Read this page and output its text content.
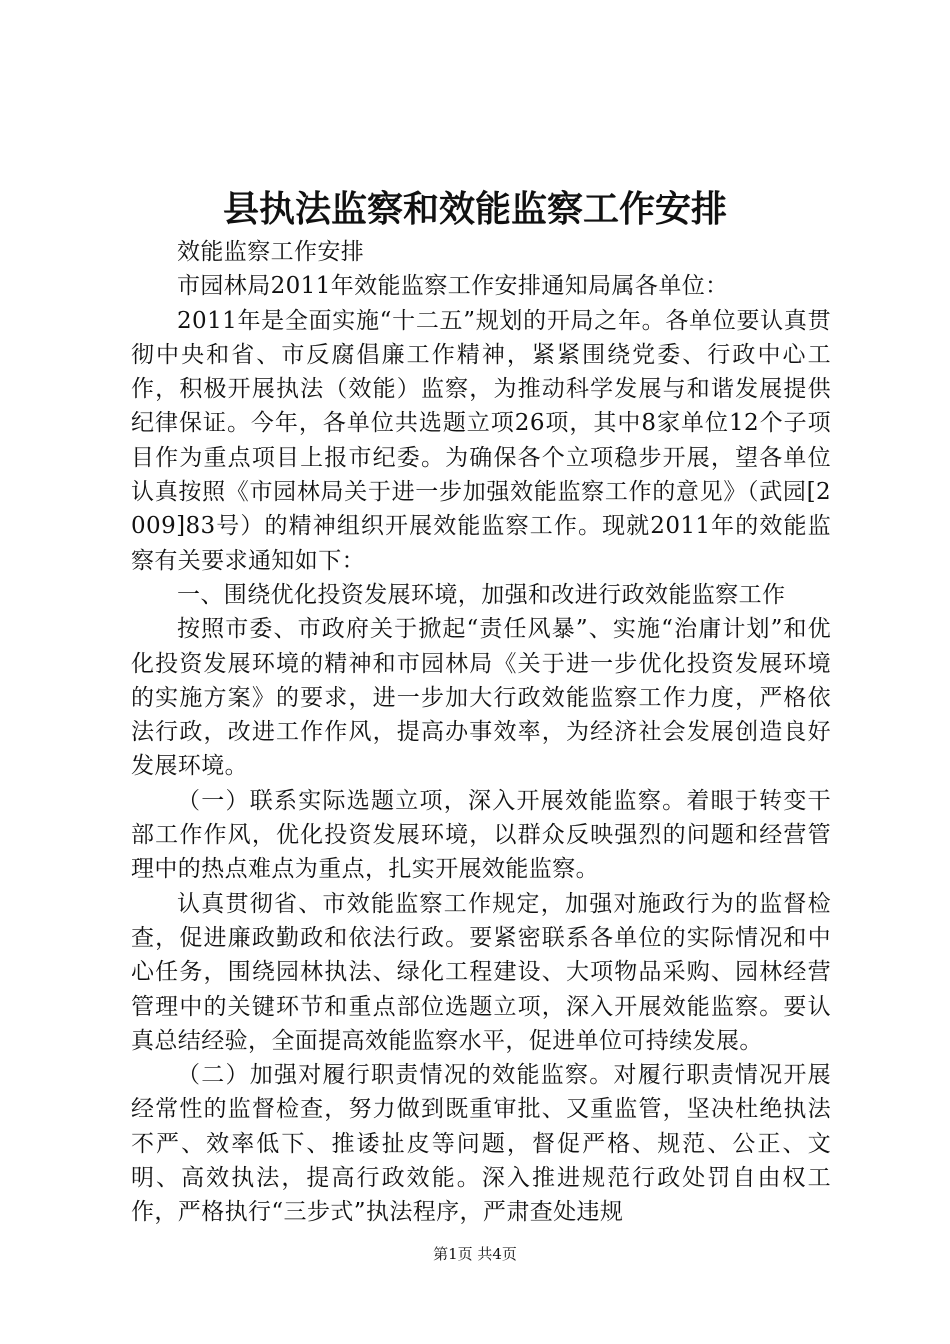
县执法监察和效能监察工作安排

效能监察工作安排

市园林局2011年效能监察工作安排通知局属各单位：

2011年是全面实施“十二五”规划的开局之年。各单位要认真贯彻中央和省、市反腐倡廉工作精神，紧紧围绕党委、行政中心工作，积极开展执法（效能）监察，为推动科学发展与和谐发展提供纪律保证。今年，各单位共选题立项26项，其中8家单位12个子项目作为重点项目上报市纪委。为确保各个立项稳步开展，望各单位认真按照《市园林局关于进一步加强效能监察工作的意见》（武园[2009]83号）的精神组织开展效能监察工作。现就2011年的效能监察有关要求通知如下：

一、围绕优化投资发展环境，加强和改进行政效能监察工作

按照市委、市政府关于掀起“责任风暴”、实施“治庸计划”和优化投资发展环境的精神和市园林局《关于进一步优化投资发展环境的实施方案》的要求，进一步加大行政效能监察工作力度，严格依法行政，改进工作作风，提高办事效率，为经济社会发展创造良好发展环境。

（一）联系实际选题立项，深入开展效能监察。着眼于转变干部工作作风，优化投资发展环境，以群众反映强烈的问题和经营管理中的热点难点为重点，扎实开展效能监察。

认真贯彻省、市效能监察工作规定，加强对施政行为的监督检查，促进廉政勤政和依法行政。要紧密联系各单位的实际情况和中心任务，围绕园林执法、绿化工程建设、大项物品采购、园林经营管理中的关键环节和重点部位选题立项，深入开展效能监察。要认真总结经验，全面提高效能监察水平，促进单位可持续发展。

（二）加强对履行职责情况的效能监察。对履行职责情况开展经常性的监督检查，努力做到既重审批、又重监管，坚决杜绝执法不严、效率低下、推诿扯皮等问题，督促严格、规范、公正、文明、高效执法，提高行政效能。深入推进规范行政处罚自由权工作，严格执行“三步式”执法程序，严肃查处违规

第1页 共4页
